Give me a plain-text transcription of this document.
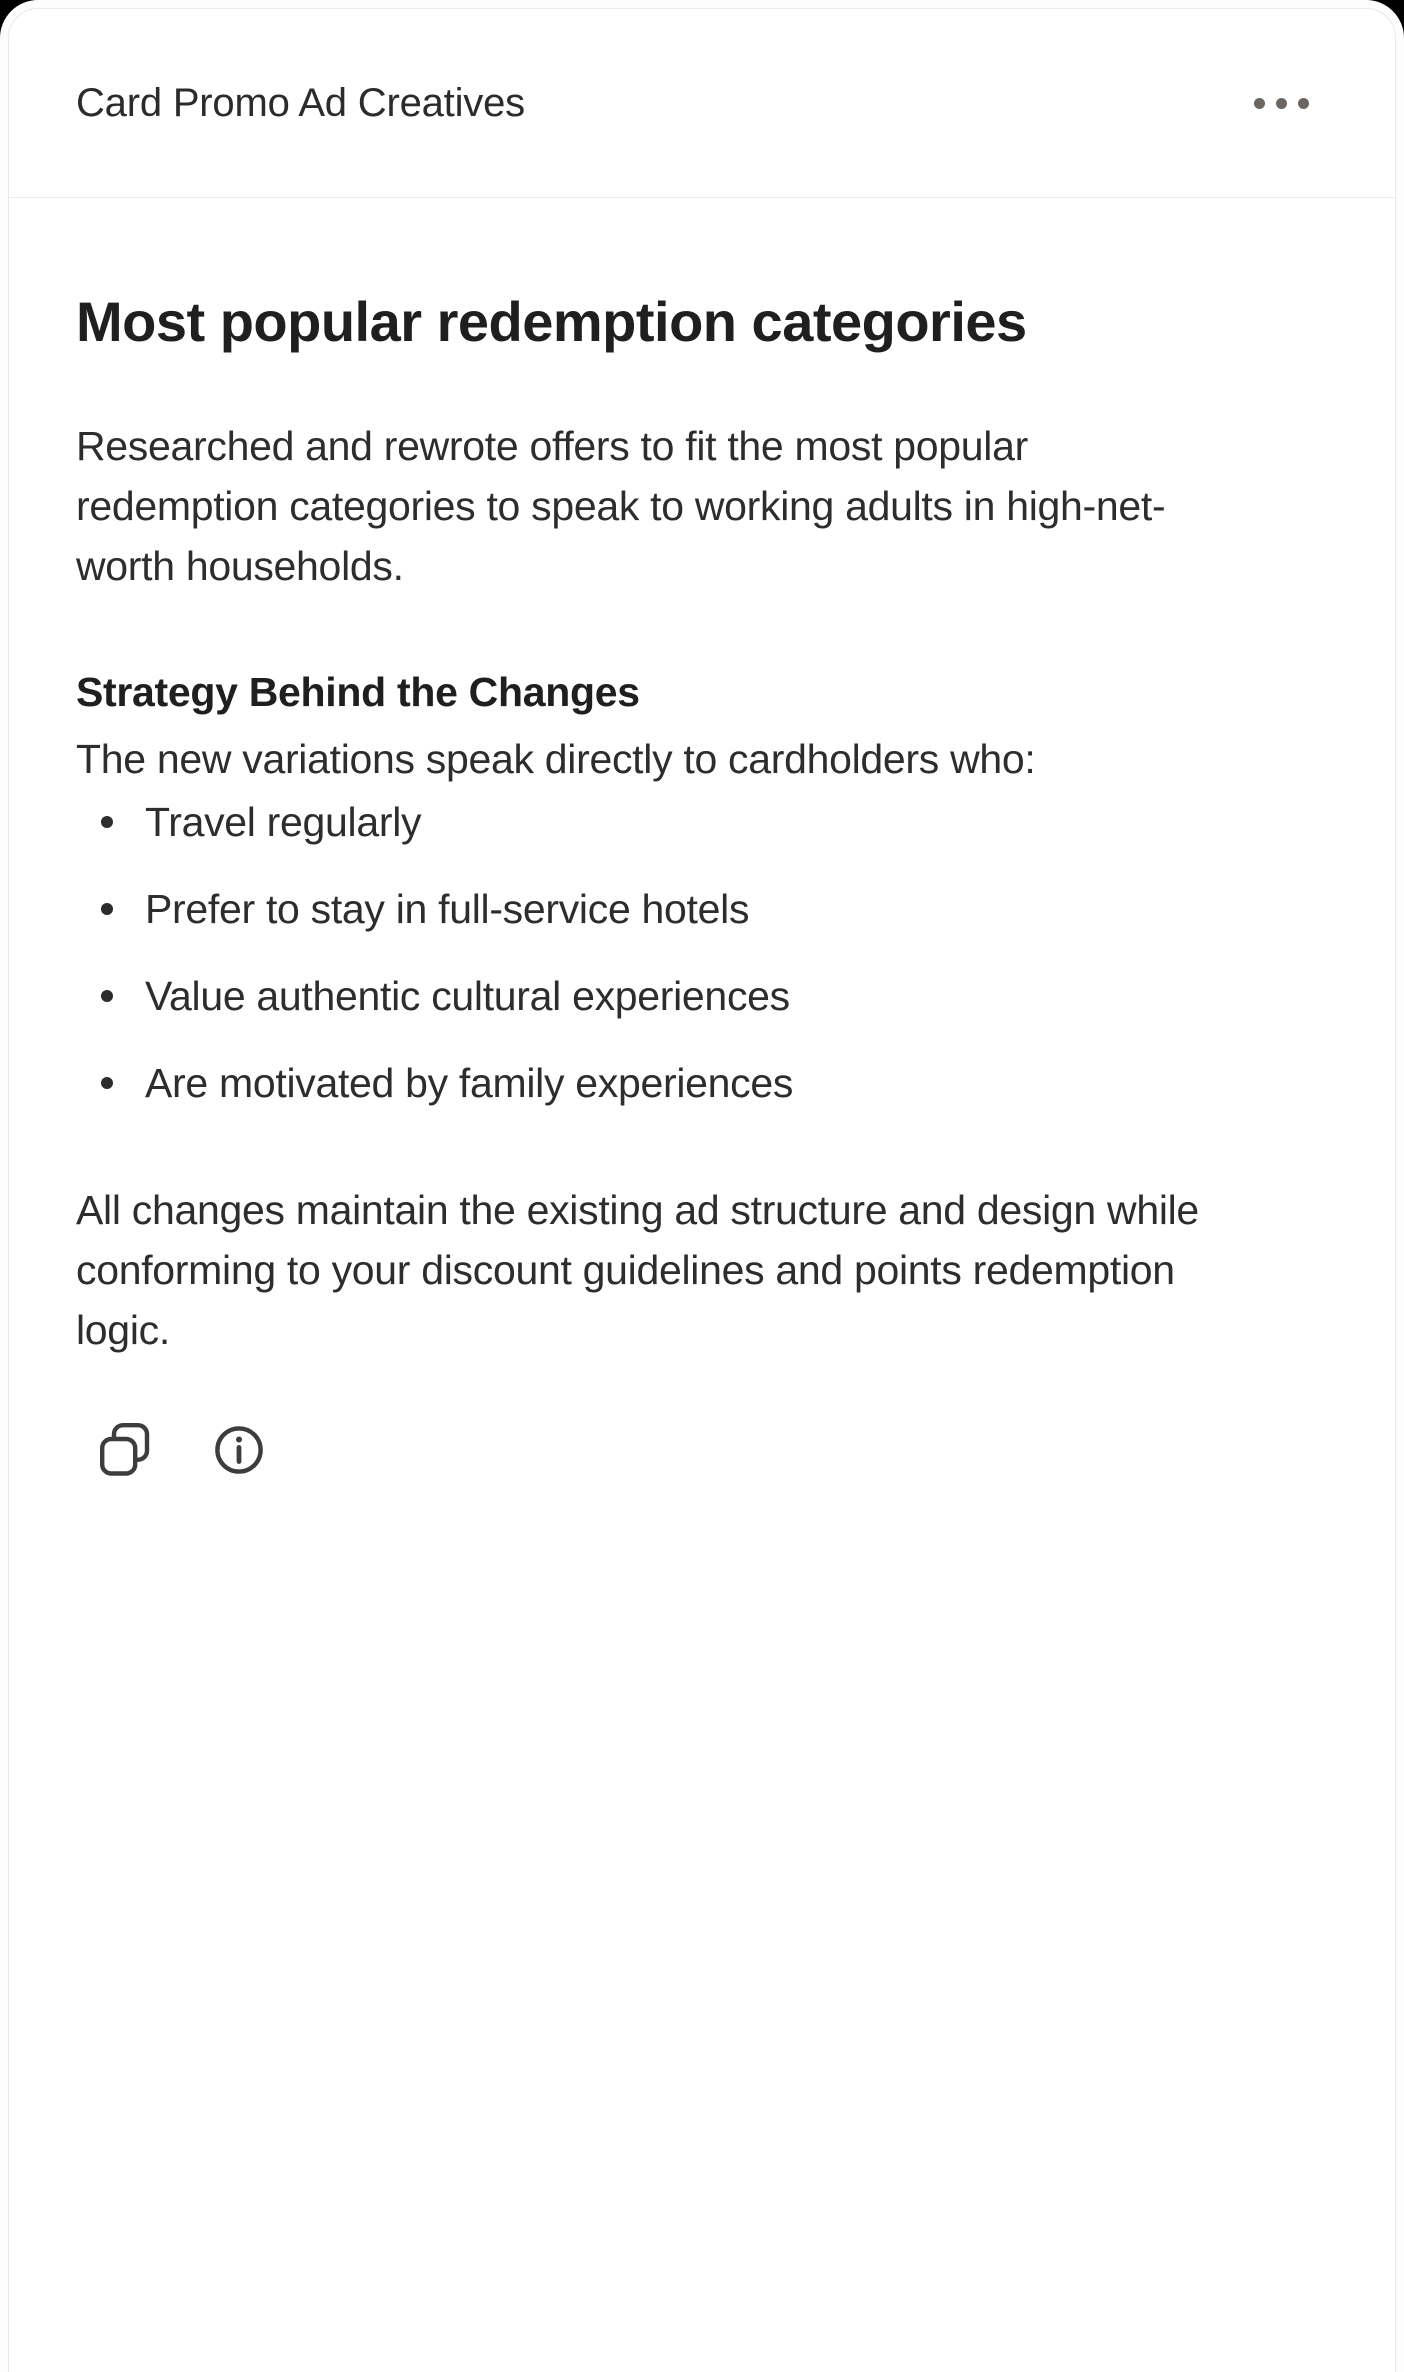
Card Promo Ad Creatives
Most popular redemption categories

Researched and rewrote offers to fit the most popular
redemption categories to speak to working adults in high-net-
worth households.

Strategy Behind the Changes

The new variations speak directly to cardholders who:

Travel regularly
Prefer to stay in full-service hotels
Value authentic cultural experiences
Are motivated by family experiences

All changes maintain the existing ad structure and design while
conforming to your discount guidelines and points redemption
logic.
